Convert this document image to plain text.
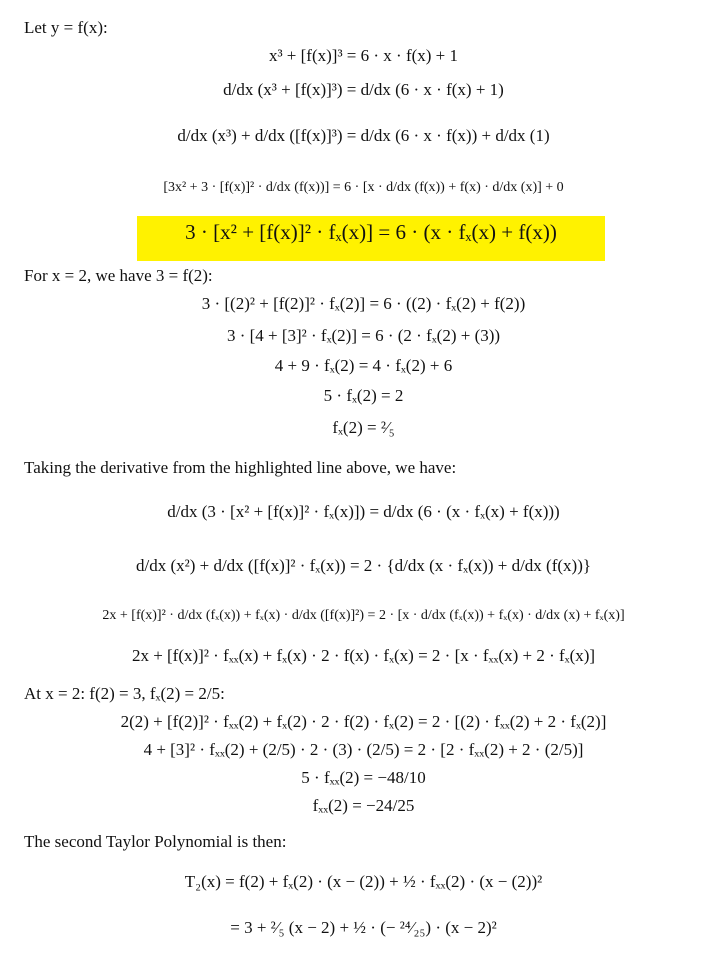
Let y = f(x):
x³ + [f(x)]³ = 6 · x · f(x) + 1
d/dx (x³ + [f(x)]³) = d/dx (6 · x · f(x) + 1)
d/dx (x³) + d/dx ([f(x)]³) = d/dx (6 · x · f(x)) + d/dx (1)
[3x² + 3 · [f(x)]² · d/dx (f(x))] = 6 · [x · d/dx (f(x)) + f(x) · d/dx (x)] + 0
3 · [x² + [f(x)]² · fₓ(x)] = 6 · (x · fₓ(x) + f(x))
For x = 2, we have 3 = f(2):
3 · [(2)² + [f(2)]² · fₓ(2)] = 6 · ((2) · fₓ(2) + f(2))
3 · [4 + [3]² · fₓ(2)] = 6 · (2 · fₓ(2) + (3))
4 + 9 · fₓ(2) = 4 · fₓ(2) + 6
5 · fₓ(2) = 2
fₓ(2) = ²⁄₅
Taking the derivative from the highlighted line above, we have:
d/dx (3 · [x² + [f(x)]² · fₓ(x)]) = d/dx (6 · (x · fₓ(x) + f(x)))
d/dx (x²) + d/dx ([f(x)]² · fₓ(x)) = 2 · {d/dx (x · fₓ(x)) + d/dx (f(x))}
2x + [f(x)]² · d/dx (fₓ(x)) + fₓ(x) · d/dx ([f(x)]²) = 2 · [x · d/dx (fₓ(x)) + fₓ(x) · d/dx (x) + fₓ(x)]
2x + [f(x)]² · fₓₓ(x) + fₓ(x) · 2 · f(x) · fₓ(x) = 2 · [x · fₓₓ(x) + 2 · fₓ(x)]
At x = 2: f(2) = 3, fₓ(2) = 2/5:
2(2) + [f(2)]² · fₓₓ(2) + fₓ(2) · 2 · f(2) · fₓ(2) = 2 · [(2) · fₓₓ(2) + 2 · fₓ(2)]
4 + [3]² · fₓₓ(2) + (2/5) · 2 · (3) · (2/5) = 2 · [2 · fₓₓ(2) + 2 · (2/5)]
5 · fₓₓ(2) = −48/10
fₓₓ(2) = −24/25
The second Taylor Polynomial is then:
T₂(x) = f(2) + fₓ(2) · (x − (2)) + ½ · fₓₓ(2) · (x − (2))²
= 3 + ²⁄₅ (x − 2) + ½ · (− ²⁴⁄₂₅) · (x − 2)²
